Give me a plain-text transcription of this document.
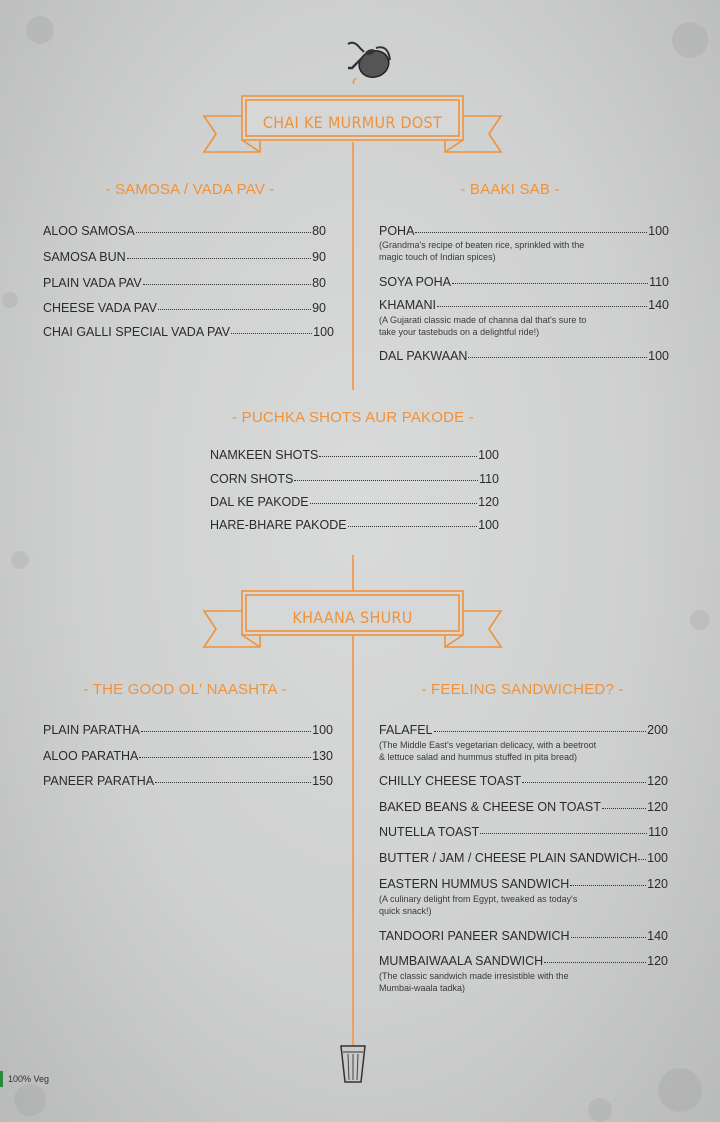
CHAI KE MURMUR DOST
KHAANA SHURU
- SAMOSA / VADA PAV -	- BAAKI SAB -
- PUCHKA SHOTS AUR PAKODE -
- THE GOOD OL' NAASHTA -	- FEELING SANDWICHED? -
ALOO SAMOSA	80
SAMOSA BUN	90
PLAIN VADA PAV	80
CHEESE VADA PAV	90
CHAI GALLI SPECIAL VADA PAV	100
POHA	100
(Grandma's recipe of beaten rice, sprinkled with the
magic touch of Indian spices)
SOYA POHA	110
KHAMANI	140
(A Gujarati classic made of channa dal that's sure to
take your tastebuds on a delightful ride!)
DAL PAKWAAN	100
NAMKEEN SHOTS	100
CORN SHOTS	110
DAL KE PAKODE	120
HARE-BHARE PAKODE	100
PLAIN PARATHA	100
ALOO PARATHA	130
PANEER PARATHA	150
FALAFEL	200
(The Middle East's vegetarian delicacy, with a beetroot
& lettuce salad and hummus stuffed in pita bread)
CHILLY CHEESE TOAST	120
BAKED BEANS & CHEESE ON TOAST	120
NUTELLA TOAST	110
BUTTER / JAM / CHEESE PLAIN SANDWICH 100
EASTERN HUMMUS SANDWICH	120
(A culinary delight from Egypt, tweaked as today's
quick snack!)
TANDOORI PANEER SANDWICH	140
MUMBAIWAALA SANDWICH	120
(The classic sandwich made irresistible with the
Mumbai-waala tadka)
100% Veg
